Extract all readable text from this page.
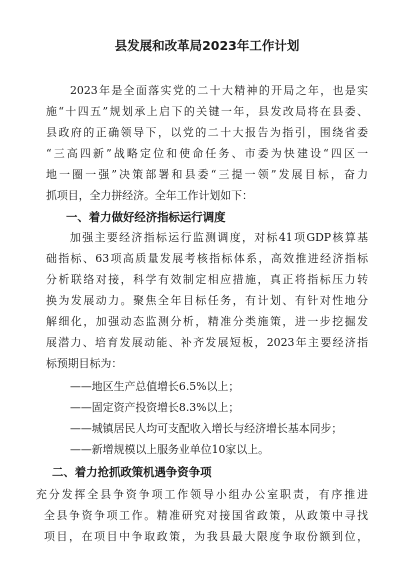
县发展和改革局2023年工作计划
2023年是全面落实党的二十大精神的开局之年，也是实
施“十四五”规划承上启下的关键一年，县发改局将在县委、
县政府的正确领导下，以党的二十大报告为指引，围绕省委
“三高四新”战略定位和使命任务、市委为快建设“四区一
地一圈一强”决策部署和县委“三提一领”发展目标，奋力
抓项目，全力拼经济。全年工作计划如下：
一、着力做好经济指标运行调度
加强主要经济指标运行监测调度，对标41项GDP核算基
础指标、63项高质量发展考核指标体系，高效推进经济指标
分析联络对接，科学有效制定相应措施，真正将指标压力转
换为发展动力。聚焦全年目标任务，有计划、有针对性地分
解细化，加强动态监测分析，精准分类施策，进一步挖掘发
展潜力、培育发展动能、补齐发展短板，2023年主要经济指
标预期目标为：
——地区生产总值增长6.5%以上；
——固定资产投资增长8.3%以上；
——城镇居民人均可支配收入增长与经济增长基本同步；
——新增规模以上服务业单位10家以上。
二、着力抢抓政策机遇争资争项
充分发挥全县争资争项工作领导小组办公室职责，有序推进
全县争资争项工作。精准研究对接国省政策，从政策中寻找
项目，在项目中争取政策，为我县最大限度争取份额到位，
